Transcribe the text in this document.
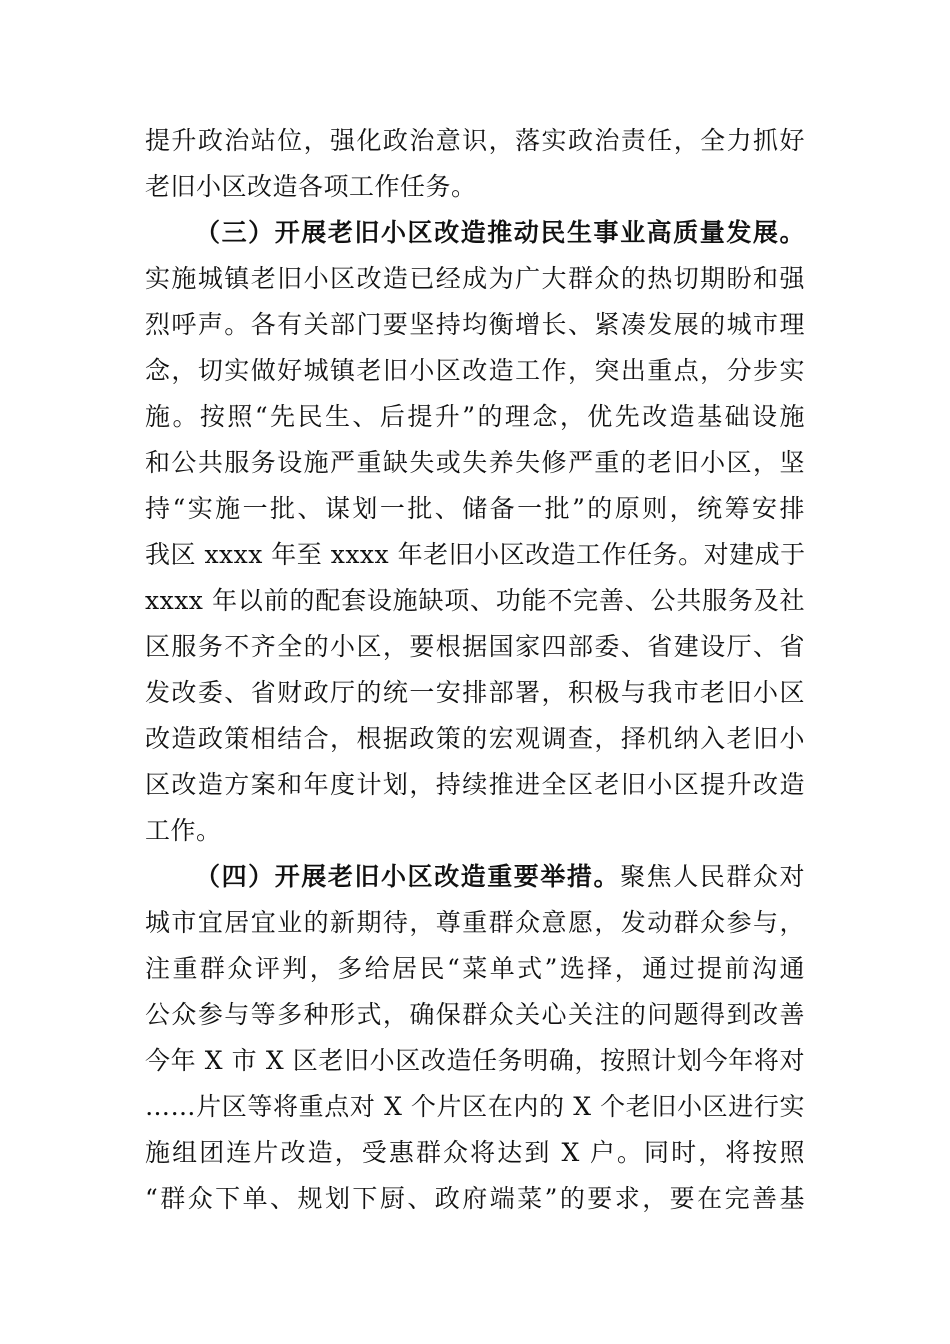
提升政治站位，强化政治意识，落实政治责任，全力抓好
老旧小区改造各项工作任务。
（三）开展老旧小区改造推动民生事业高质量发展。
实施城镇老旧小区改造已经成为广大群众的热切期盼和强
烈呼声。各有关部门要坚持均衡增长、紧凑发展的城市理
念，切实做好城镇老旧小区改造工作，突出重点，分步实
施。按照“先民生、后提升”的理念，优先改造基础设施
和公共服务设施严重缺失或失养失修严重的老旧小区，坚
持“实施一批、谋划一批、储备一批”的原则，统筹安排
我区 xxxx 年至 xxxx 年老旧小区改造工作任务。对建成于
xxxx 年以前的配套设施缺项、功能不完善、公共服务及社
区服务不齐全的小区，要根据国家四部委、省建设厅、省
发改委、省财政厅的统一安排部署，积极与我市老旧小区
改造政策相结合，根据政策的宏观调查，择机纳入老旧小
区改造方案和年度计划，持续推进全区老旧小区提升改造
工作。
（四）开展老旧小区改造重要举措。聚焦人民群众对
城市宜居宜业的新期待，尊重群众意愿，发动群众参与，
注重群众评判，多给居民“菜单式”选择，通过提前沟通
公众参与等多种形式，确保群众关心关注的问题得到改善
今年 X 市 X 区老旧小区改造任务明确，按照计划今年将对
……片区等将重点对 X 个片区在内的 X 个老旧小区进行实
施组团连片改造，受惠群众将达到 X 户。同时，将按照
“群众下单、规划下厨、政府端菜”的要求，要在完善基
